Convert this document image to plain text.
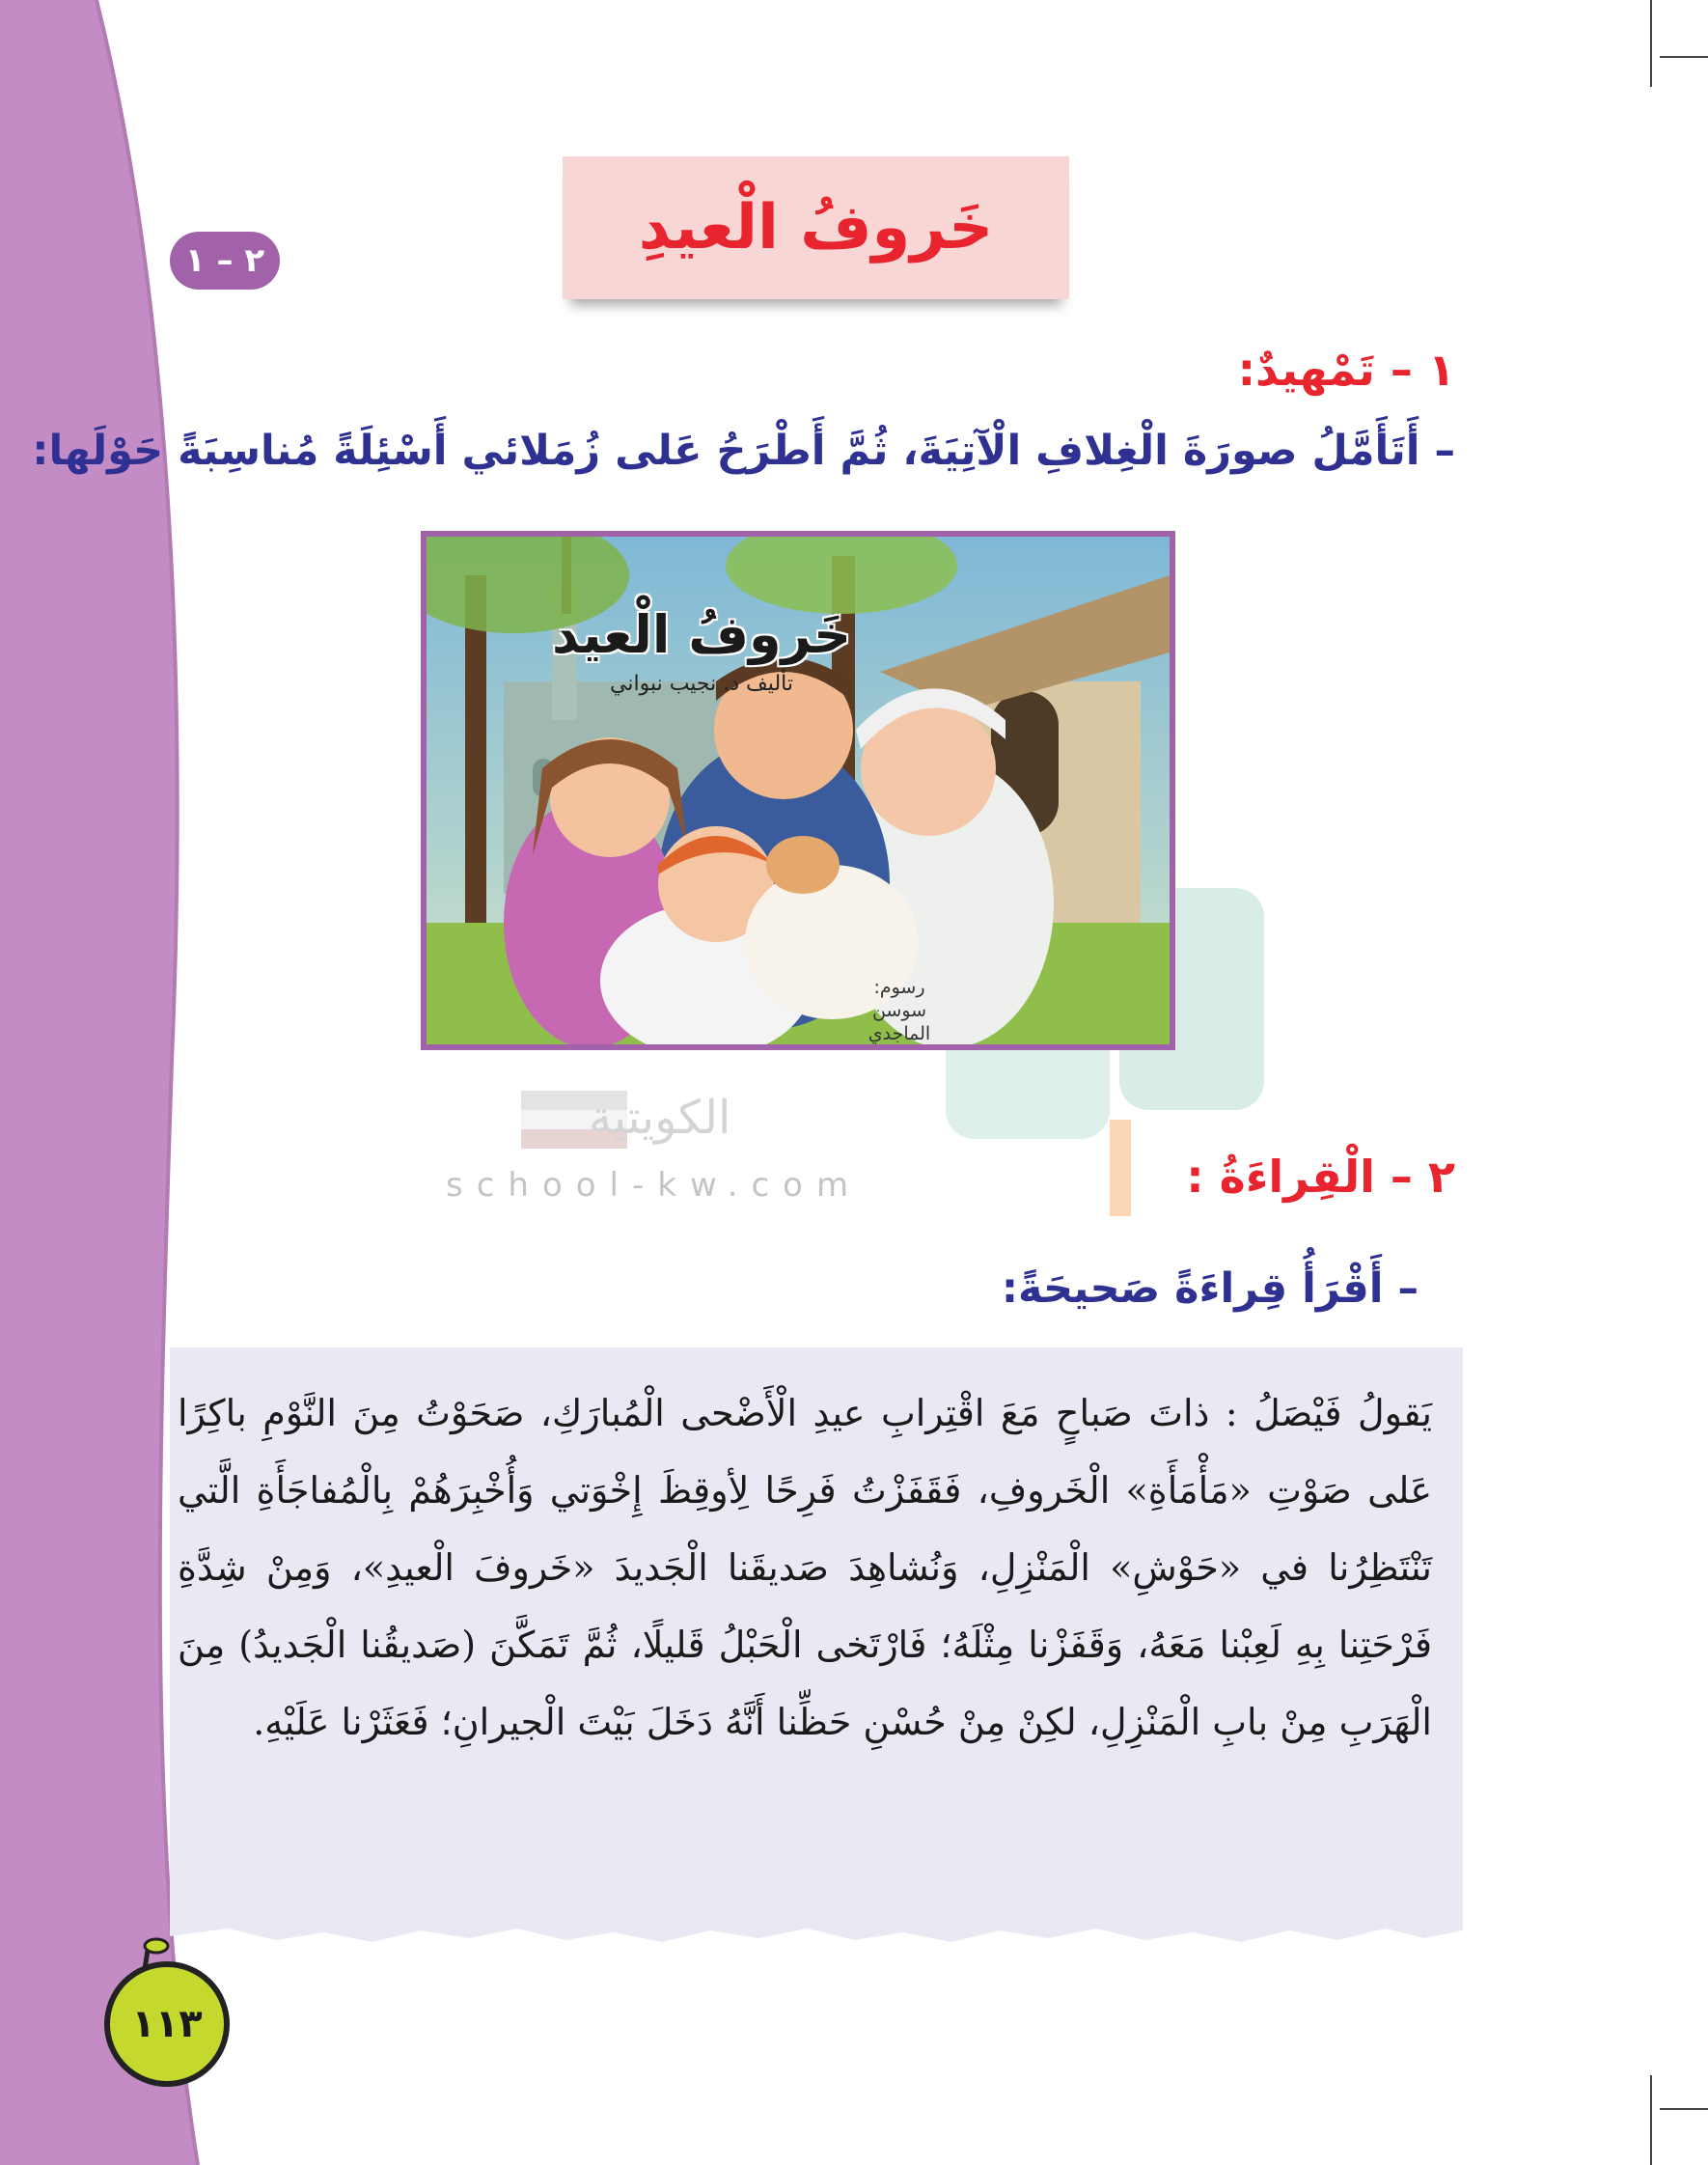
٢ – ١	خَروفُ الْعيدِ
١ – تَمْهيدٌ:
– أَتَأَمَّلُ صورَةَ الْغِلافِ الْآتِيَةَ، ثُمَّ أَطْرَحُ عَلى زُمَلائي أَسْئِلَةً مُناسِبَةً حَوْلَها:
الكويتية
school-kw.com
خَروفُ الْعيد
تأليف د. نجيب نبواني
رسوم:
سوسن الماجدي
٢ – الْقِراءَةُ :
– أَقْرَأُ قِراءَةً صَحيحَةً:
يَقولُ فَيْصَلُ : ذاتَ صَباحٍ مَعَ اقْتِرابِ عيدِ الْأَضْحى الْمُبارَكِ، صَحَوْتُ مِنَ النَّوْمِ باكِرًا عَلى صَوْتِ «مَأْمَأَةِ» الْخَروفِ، فَقَفَزْتُ فَرِحًا لِأوقِظَ إِخْوَتي وَأُخْبِرَهُمْ بِالْمُفاجَأَةِ الَّتي تَنْتَظِرُنا في «حَوْشِ» الْمَنْزِلِ، وَنُشاهِدَ صَديقَنا الْجَديدَ «خَروفَ الْعيدِ»، وَمِنْ شِدَّةِ فَرْحَتِنا بِهِ لَعِبْنا مَعَهُ، وَقَفَزْنا مِثْلَهُ؛ فَارْتَخى الْحَبْلُ قَليلًا، ثُمَّ تَمَكَّنَ (صَديقُنا الْجَديدُ) مِنَ الْهَرَبِ مِنْ بابِ الْمَنْزِلِ، لكِنْ مِنْ حُسْنِ حَظِّنا أَنَّهُ دَخَلَ بَيْتَ الْجيرانِ؛ فَعَثَرْنا عَلَيْهِ.
١١٣
